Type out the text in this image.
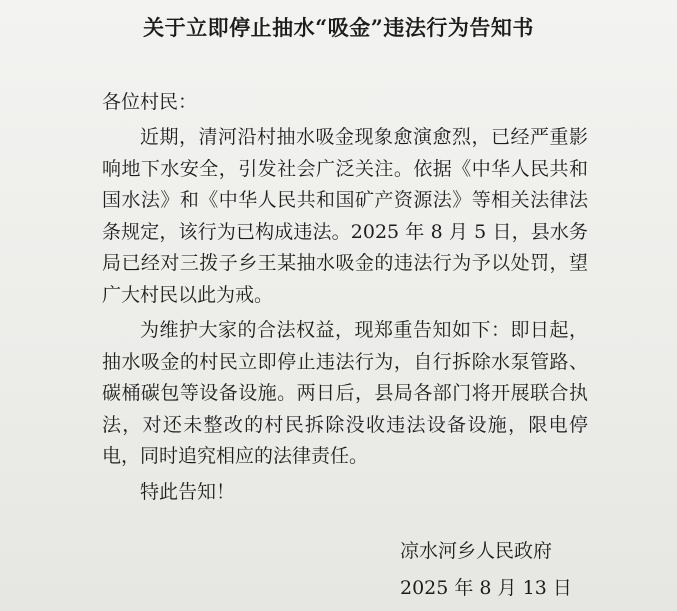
关于立即停止抽水“吸金”违法行为告知书
各位村民：

近期，清河沿村抽水吸金现象愈演愈烈，已经严重影响地下水安全，引发社会广泛关注。依据《中华人民共和国水法》和《中华人民共和国矿产资源法》等相关法律法条规定，该行为已构成违法。2025 年 8 月 5 日，县水务局已经对三拨子乡王某抽水吸金的违法行为予以处罚，望广大村民以此为戒。

为维护大家的合法权益，现郑重告知如下：即日起，抽水吸金的村民立即停止违法行为，自行拆除水泵管路、碳桶碳包等设备设施。两日后，县局各部门将开展联合执法，对还未整改的村民拆除没收违法设备设施，限电停电，同时追究相应的法律责任。

特此告知！

凉水河乡人民政府
2025 年 8 月 13 日
